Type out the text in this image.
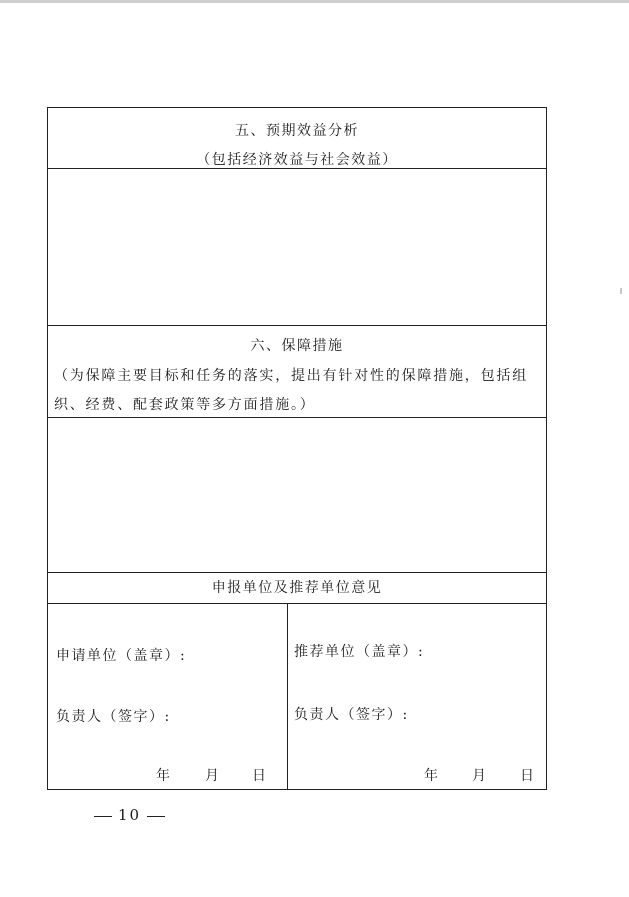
五、预期效益分析
（包括经济效益与社会效益）
六、保障措施
（为保障主要目标和任务的落实，提出有针对性的保障措施，包括组
织、经费、配套政策等多方面措施。）
申报单位及推荐单位意见
申请单位（盖章）:
负责人（签字）:
年 月 日
推荐单位（盖章）:
负责人（签字）:
年 月 日
10
